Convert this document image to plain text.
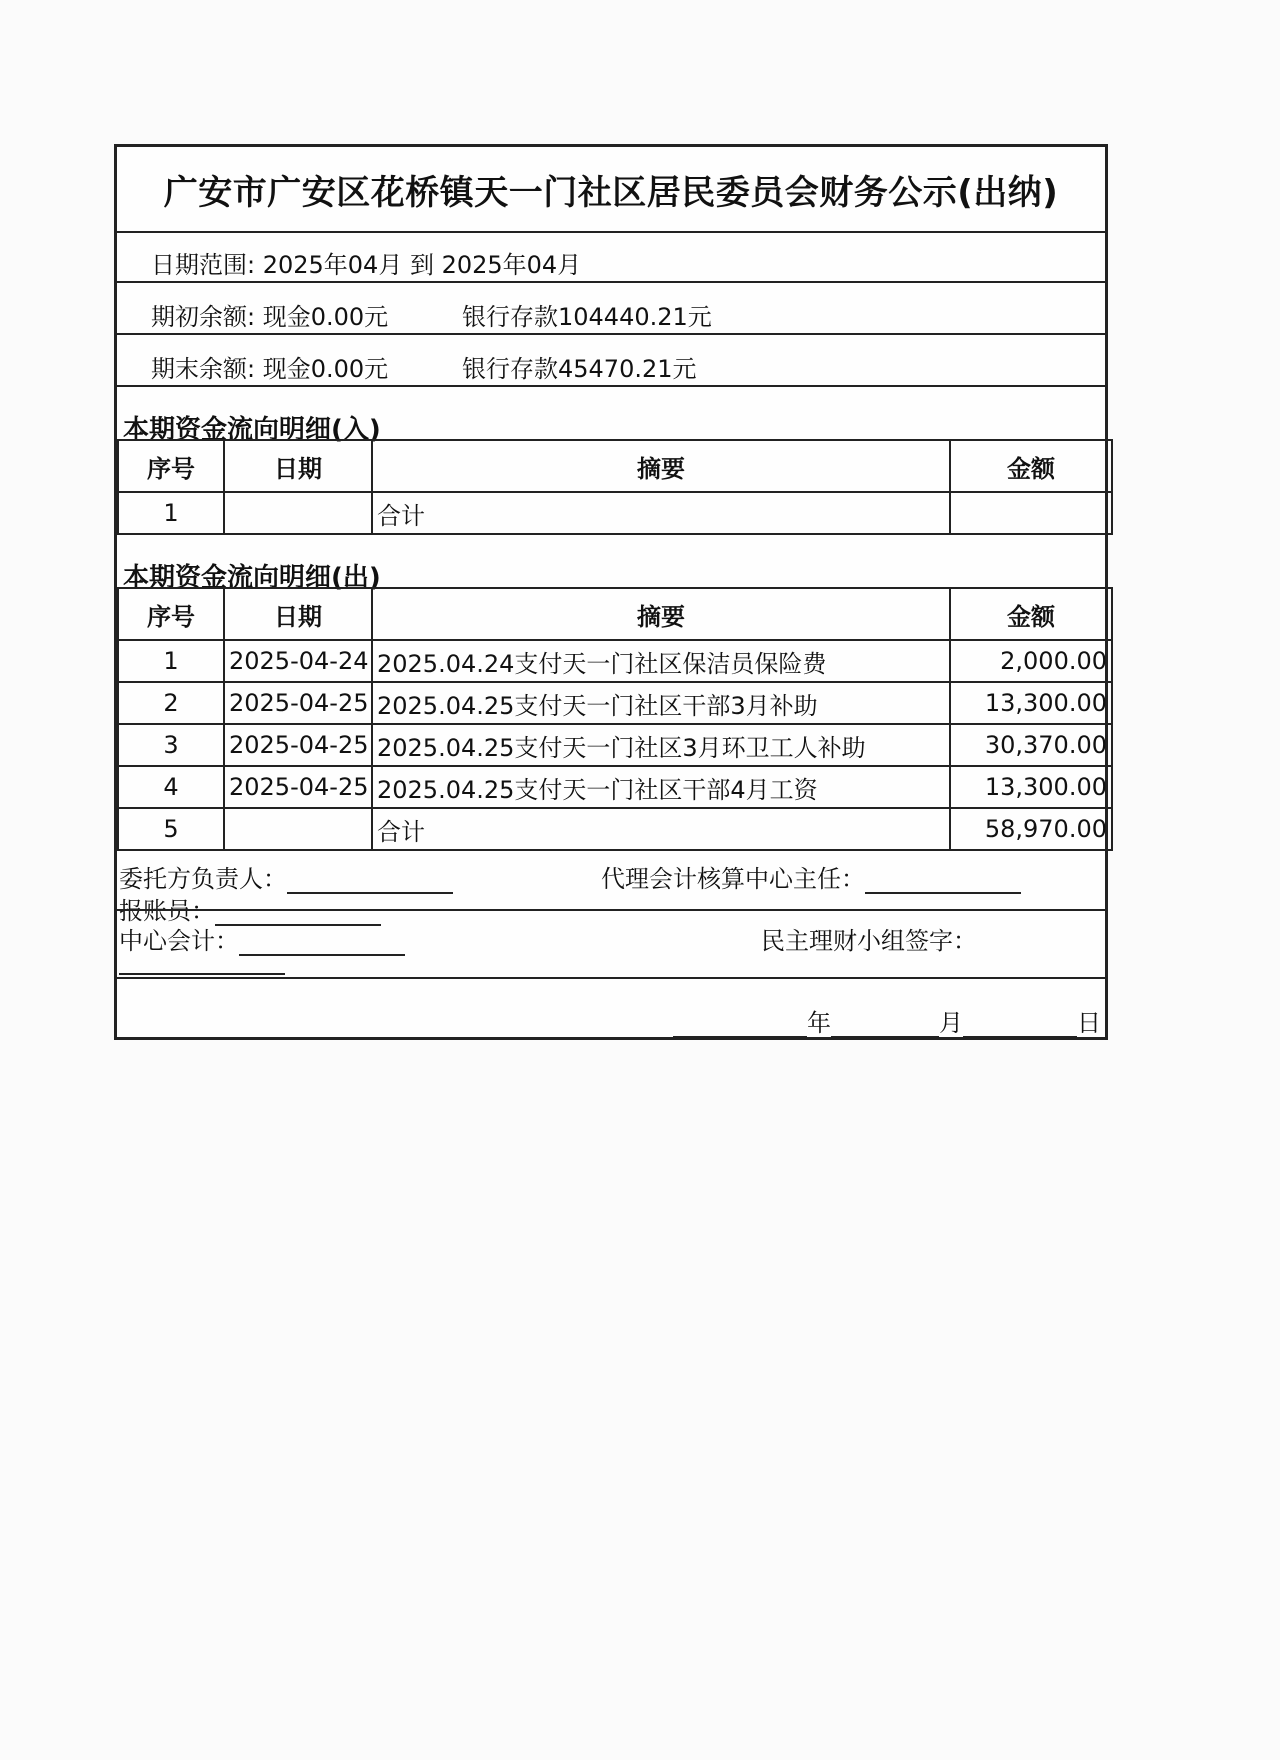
广安市广安区花桥镇天一门社区居民委员会财务公示(出纳)
日期范围: 2025年04月 到 2025年04月
期初余额: 现金0.00元	银行存款104440.21元
期末余额: 现金0.00元	银行存款45470.21元
本期资金流向明细(入)
序号	日期	摘要	金额
1		合计	
本期资金流向明细(出)
序号	日期	摘要	金额
1	2025-04-24	2025.04.24支付天一门社区保洁员保险费	2,000.00
2	2025-04-25	2025.04.25支付天一门社区干部3月补助	13,300.00
3	2025-04-25	2025.04.25支付天一门社区3月环卫工人补助	30,370.00
4	2025-04-25	2025.04.25支付天一门社区干部4月工资	13,300.00
5		合计	58,970.00
委托方负责人：	代理会计核算中心主任：
报账员：
中心会计：	民主理财小组签字：
年	月	日
